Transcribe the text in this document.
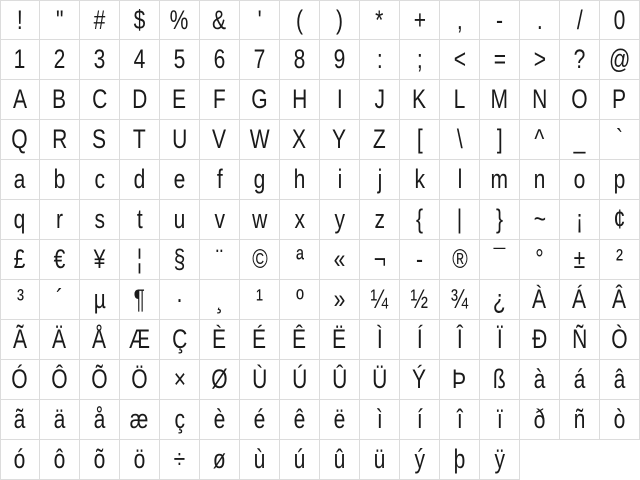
!	"	#	$ % &	'	(	)	*	+	,	-	.	/	0
1	2	3	4	5	6	7	8	9	:	;	<	=	>	? @
A B C D E F G H	I	J	K	L M N O P
Q R S T U V W X Y Z	[	\	]	^	_	`
a	b	c	d	e	f	g	h	i	j	k	l	m n	o	p
q	r	s	t	u	v	w	x	y	z	{	|	}	~	¡	¢
£	€	¥	¦	§	¨	©	ª	«	¬	-	® ¯	°	±	²
³	´	µ	¶	·	¸	¹	º	» ¼ ½ ¾ ¿ À Á Â
Ã Ä Å Æ Ç È É Ê Ë	Ì	Í	Î	Ï	Ð Ñ Ò
Ó Ô Õ Ö × Ø Ù Ú Û Ü Ý Þ ß	à	á	â
ã	ä	å æ ç	è	é	ê	ë	ì	í	î	ï	ð	ñ	ò
ó	ô	õ	ö	÷	ø	ù	ú	û	ü	ý	þ	ÿ
